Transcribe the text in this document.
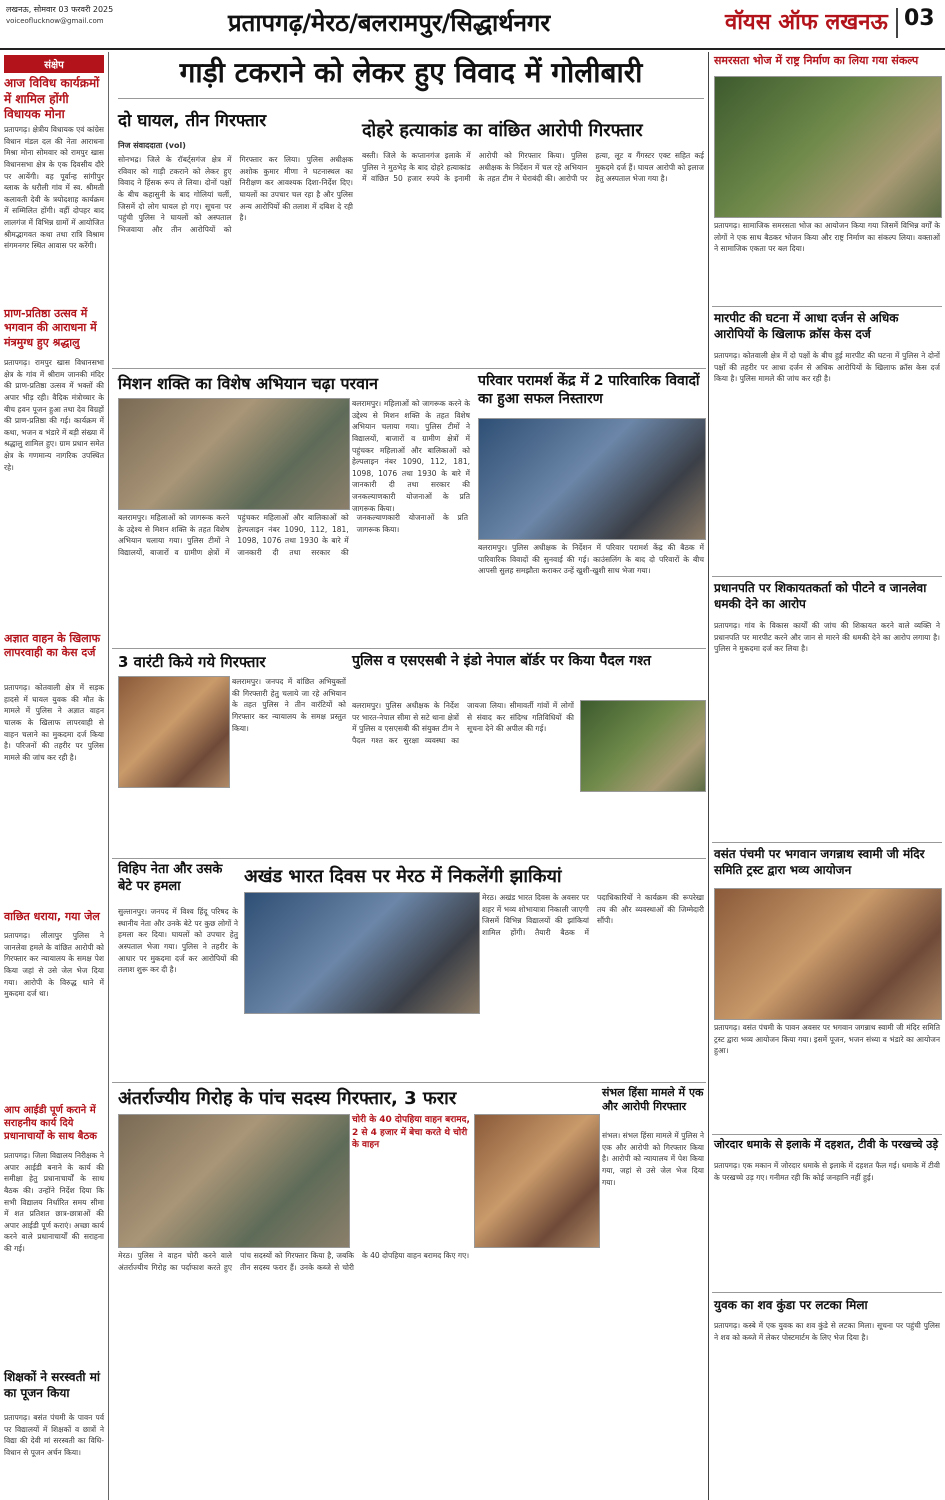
लखनऊ, सोमवार 03 फरवरी 2025
voiceoflucknow@gmail.com	प्रतापगढ़/मेरठ/बलरामपुर/सिद्धार्थनगर	वॉयस ऑफ लखनऊ 03
संक्षेप
आज विविध कार्यक्रमों में शामिल होंगी विधायक मोना
प्रतापगढ़। क्षेत्रीय विधायक एवं कांग्रेस विधान मंडल दल की नेता आराधना मिश्रा मोना सोमवार को रामपुर खास विधानसभा क्षेत्र के एक दिवसीय दौरे पर आयेंगी। वह पूर्वान्ह सांगीपुर ब्लाक के धरौली गांव में स्व. श्रीमती कलावती देवी के त्रयोदशाह कार्यक्रम में सम्मिलित होंगी। वहीं दोपहर बाद लालगंज में विभिन्न ग्रामों में आयोजित श्रीमद्भागवत कथा तथा रात्रि विश्राम संगमनगर स्थित आवास पर करेंगी।
प्राण-प्रतिष्ठा उत्सव में भगवान की आराधना में मंत्रमुग्ध हुए श्रद्धालु
प्रतापगढ़। रामपुर खास विधानसभा क्षेत्र के गांव में श्रीराम जानकी मंदिर की प्राण-प्रतिष्ठा उत्सव में भक्तों की अपार भीड़ रही। वैदिक मंत्रोच्चार के बीच हवन पूजन हुआ तथा देव विग्रहों की प्राण-प्रतिष्ठा की गई। कार्यक्रम में कथा, भजन व भंडारे में बड़ी संख्या में श्रद्धालु शामिल हुए। ग्राम प्रधान समेत क्षेत्र के गणमान्य नागरिक उपस्थित रहे।
अज्ञात वाहन के खिलाफ लापरवाही का केस दर्ज
प्रतापगढ़। कोतवाली क्षेत्र में सड़क हादसे में घायल युवक की मौत के मामले में पुलिस ने अज्ञात वाहन चालक के खिलाफ लापरवाही से वाहन चलाने का मुकदमा दर्ज किया है। परिजनों की तहरीर पर पुलिस मामले की जांच कर रही है।
वाछित धराया, गया जेल
प्रतापगढ़। लीलापुर पुलिस ने जानलेवा हमले के वांछित आरोपी को गिरफ्तार कर न्यायालय के समक्ष पेश किया जहां से उसे जेल भेज दिया गया। आरोपी के विरुद्ध थाने में मुकदमा दर्ज था।
आप आईडी पूर्ण कराने में सराहनीय कार्य दिये प्रधानाचार्यों के साथ बैठक
प्रतापगढ़। जिला विद्यालय निरीक्षक ने अपार आईडी बनाने के कार्य की समीक्षा हेतु प्रधानाचार्यों के साथ बैठक की। उन्होंने निर्देश दिया कि सभी विद्यालय निर्धारित समय सीमा में शत प्रतिशत छात्र-छात्राओं की अपार आईडी पूर्ण कराएं। अच्छा कार्य करने वाले प्रधानाचार्यों की सराहना की गई।
शिक्षकों ने सरस्वती मां का पूजन किया
प्रतापगढ़। बसंत पंचमी के पावन पर्व पर विद्यालयों में शिक्षकों व छात्रों ने विद्या की देवी मां सरस्वती का विधि-विधान से पूजन अर्चन किया।
गाड़ी टकराने को लेकर हुए विवाद में गोलीबारी
दो घायल, तीन गिरफ्तार
निज संवाददाता (vol)
सोनभद्र। जिले के रॉबर्ट्सगंज क्षेत्र में रविवार को गाड़ी टकराने को लेकर हुए विवाद ने हिंसक रूप ले लिया। दोनों पक्षों के बीच कहासुनी के बाद गोलियां चलीं, जिसमें दो लोग घायल हो गए। सूचना पर पहुंची पुलिस ने घायलों को अस्पताल भिजवाया और तीन आरोपियों को गिरफ्तार कर लिया। पुलिस अधीक्षक अशोक कुमार मीणा ने घटनास्थल का निरीक्षण कर आवश्यक दिशा-निर्देश दिए। घायलों का उपचार चल रहा है और पुलिस अन्य आरोपियों की तलाश में दबिश दे रही है।
दोहरे हत्याकांड का वांछित आरोपी गिरफ्तार
बस्ती। जिले के कप्तानगंज इलाके में पुलिस ने मुठभेड़ के बाद दोहरे हत्याकांड में वांछित 50 हजार रुपये के इनामी आरोपी को गिरफ्तार किया। पुलिस अधीक्षक के निर्देशन में चल रहे अभियान के तहत टीम ने घेराबंदी की। आरोपी पर हत्या, लूट व गैंगस्टर एक्ट सहित कई मुकदमे दर्ज हैं। घायल आरोपी को इलाज हेतु अस्पताल भेजा गया है।
मिशन शक्ति का विशेष अभियान चढ़ा परवान
बलरामपुर। महिलाओं को जागरूक करने के उद्देश्य से मिशन शक्ति के तहत विशेष अभियान चलाया गया। पुलिस टीमों ने विद्यालयों, बाजारों व ग्रामीण क्षेत्रों में पहुंचकर महिलाओं और बालिकाओं को हेल्पलाइन नंबर 1090, 112, 181, 1098, 1076 तथा 1930 के बारे में जानकारी दी तथा सरकार की जनकल्याणकारी योजनाओं के प्रति जागरूक किया।
बलरामपुर। महिलाओं को जागरूक करने के उद्देश्य से मिशन शक्ति के तहत विशेष अभियान चलाया गया। पुलिस टीमों ने विद्यालयों, बाजारों व ग्रामीण क्षेत्रों में पहुंचकर महिलाओं और बालिकाओं को हेल्पलाइन नंबर 1090, 112, 181, 1098, 1076 तथा 1930 के बारे में जानकारी दी तथा सरकार की जनकल्याणकारी योजनाओं के प्रति जागरूक किया।
परिवार परामर्श केंद्र में 2 पारिवारिक विवादों का हुआ सफल निस्तारण
बलरामपुर। पुलिस अधीक्षक के निर्देशन में परिवार परामर्श केंद्र की बैठक में पारिवारिक विवादों की सुनवाई की गई। काउंसलिंग के बाद दो परिवारों के बीच आपसी सुलह समझौता कराकर उन्हें खुशी-खुशी साथ भेजा गया।
3 वारंटी किये गये गिरफ्तार
बलरामपुर। जनपद में वांछित अभियुक्तों की गिरफ्तारी हेतु चलाये जा रहे अभियान के तहत पुलिस ने तीन वारंटियों को गिरफ्तार कर न्यायालय के समक्ष प्रस्तुत किया।
पुलिस व एसएसबी ने इंडो नेपाल बॉर्डर पर किया पैदल गश्त
बलरामपुर। पुलिस अधीक्षक के निर्देश पर भारत-नेपाल सीमा से सटे थाना क्षेत्रों में पुलिस व एसएसबी की संयुक्त टीम ने पैदल गश्त कर सुरक्षा व्यवस्था का जायजा लिया। सीमावर्ती गांवों में लोगों से संवाद कर संदिग्ध गतिविधियों की सूचना देने की अपील की गई।
विहिप नेता और उसके बेटे पर हमला
सुल्तानपुर। जनपद में विश्व हिंदू परिषद के स्थानीय नेता और उनके बेटे पर कुछ लोगों ने हमला कर दिया। घायलों को उपचार हेतु अस्पताल भेजा गया। पुलिस ने तहरीर के आधार पर मुकदमा दर्ज कर आरोपियों की तलाश शुरू कर दी है।
अखंड भारत दिवस पर मेरठ में निकलेंगी झाकियां
मेरठ। अखंड भारत दिवस के अवसर पर शहर में भव्य शोभायात्रा निकाली जाएगी जिसमें विभिन्न विद्यालयों की झांकियां शामिल होंगी। तैयारी बैठक में पदाधिकारियों ने कार्यक्रम की रूपरेखा तय की और व्यवस्थाओं की जिम्मेदारी सौंपी।
अंतर्राज्यीय गिरोह के पांच सदस्य गिरफ्तार, 3 फरार
चोरी के 40 दोपहिया वाहन बरामद, 2 से 4 हजार में बेचा करते थे चोरी के वाहन
मेरठ। पुलिस ने वाहन चोरी करने वाले अंतर्राज्यीय गिरोह का पर्दाफाश करते हुए पांच सदस्यों को गिरफ्तार किया है, जबकि तीन सदस्य फरार हैं। उनके कब्जे से चोरी के 40 दोपहिया वाहन बरामद किए गए।
संभल हिंसा मामले में एक और आरोपी गिरफ्तार
संभल। संभल हिंसा मामले में पुलिस ने एक और आरोपी को गिरफ्तार किया है। आरोपी को न्यायालय में पेश किया गया, जहां से उसे जेल भेज दिया गया।
समरसता भोज में राष्ट्र निर्माण का लिया गया संकल्प
प्रतापगढ़। सामाजिक समरसता भोज का आयोजन किया गया जिसमें विभिन्न वर्गों के लोगों ने एक साथ बैठकर भोजन किया और राष्ट्र निर्माण का संकल्प लिया। वक्ताओं ने सामाजिक एकता पर बल दिया।
मारपीट की घटना में आधा दर्जन से अधिक आरोपियों के खिलाफ क्रॉस केस दर्ज
प्रतापगढ़। कोतवाली क्षेत्र में दो पक्षों के बीच हुई मारपीट की घटना में पुलिस ने दोनों पक्षों की तहरीर पर आधा दर्जन से अधिक आरोपियों के खिलाफ क्रॉस केस दर्ज किया है। पुलिस मामले की जांच कर रही है।
प्रधानपति पर शिकायतकर्ता को पीटने व जानलेवा धमकी देने का आरोप
प्रतापगढ़। गांव के विकास कार्यों की जांच की शिकायत करने वाले व्यक्ति ने प्रधानपति पर मारपीट करने और जान से मारने की धमकी देने का आरोप लगाया है। पुलिस ने मुकदमा दर्ज कर लिया है।
वसंत पंचमी पर भगवान जगन्नाथ स्वामी जी मंदिर समिति ट्रस्ट द्वारा भव्य आयोजन
प्रतापगढ़। वसंत पंचमी के पावन अवसर पर भगवान जगन्नाथ स्वामी जी मंदिर समिति ट्रस्ट द्वारा भव्य आयोजन किया गया। इसमें पूजन, भजन संध्या व भंडारे का आयोजन हुआ।
जोरदार धमाके से इलाके में दहशत, टीवी के परखच्चे उड़े
प्रतापगढ़। एक मकान में जोरदार धमाके से इलाके में दहशत फैल गई। धमाके में टीवी के परखच्चे उड़ गए। गनीमत रही कि कोई जनहानि नहीं हुई।
युवक का शव कुंडा पर लटका मिला
प्रतापगढ़। कस्बे में एक युवक का शव कुंडे से लटका मिला। सूचना पर पहुंची पुलिस ने शव को कब्जे में लेकर पोस्टमार्टम के लिए भेज दिया है।
